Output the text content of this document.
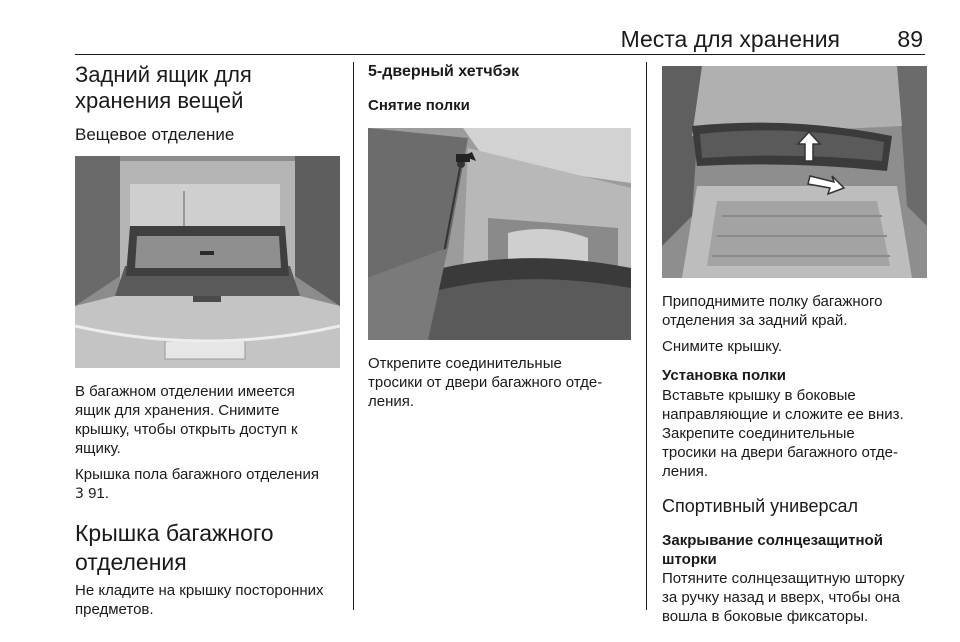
Места для хранения 89
Задний ящик для
хранения вещей
Вещевое отделение

В багажном отделении имеется
ящик для хранения. Снимите
крышку, чтобы открыть доступ к
ящику.

Крышка пола багажного отделения
3 91.

Крышка багажного
отделения

Не кладите на крышку посторонних
предметов.

5-дверный хетчбэк
Снятие полки

Открепите соединительные
тросики от двери багажного отде-
ления.

Приподнимите полку багажного
отделения за задний край.

Снимите крышку.

Установка полки

Вставьте крышку в боковые
направляющие и сложите ее вниз.
Закрепите соединительные
тросики на двери багажного отде-
ления.

Спортивный универсал
Закрывание солнцезащитной
шторки

Потяните солнцезащитную шторку
за ручку назад и вверх, чтобы она
вошла в боковые фиксаторы.
